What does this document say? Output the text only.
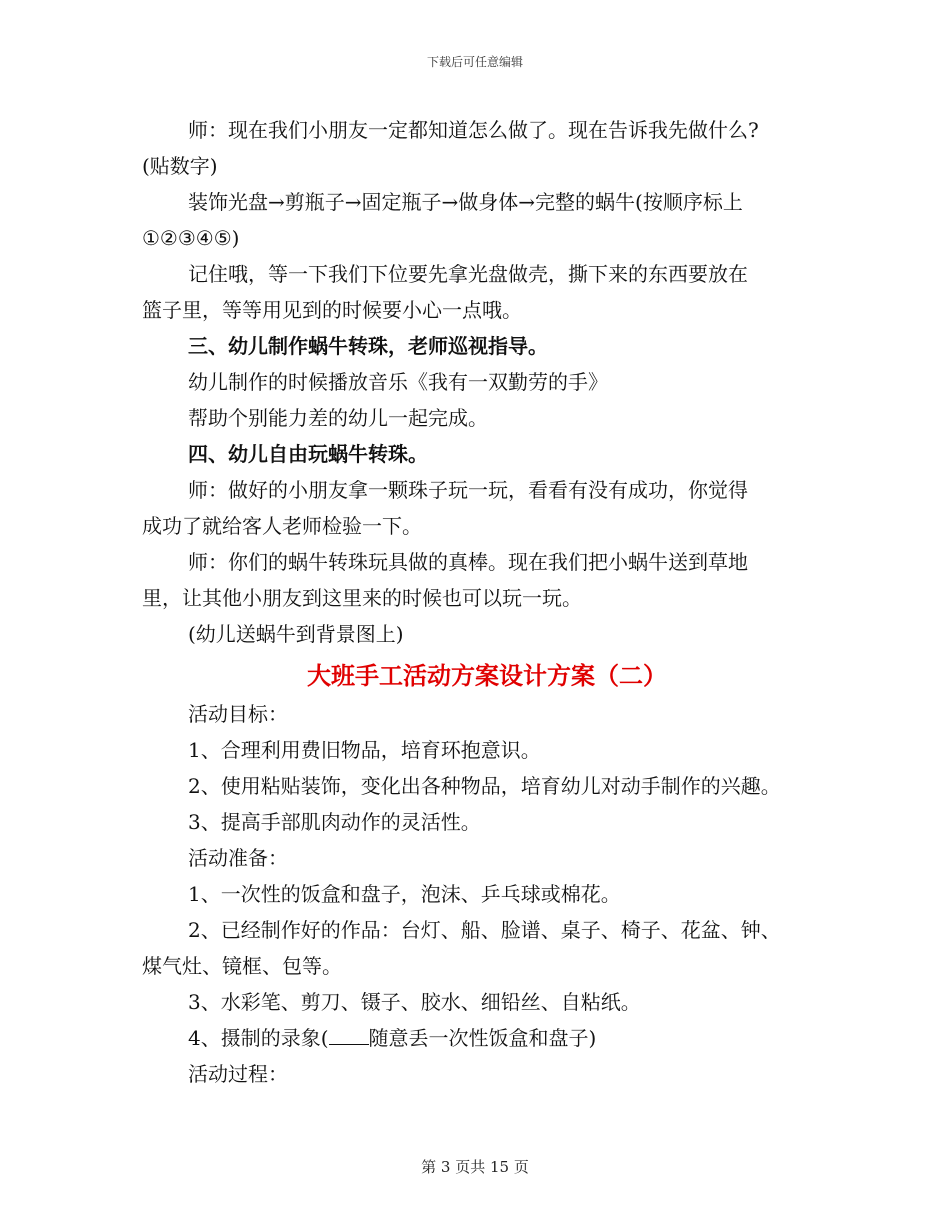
下载后可任意编辑

师：现在我们小朋友一定都知道怎么做了。现在告诉我先做什么?

(贴数字)

装饰光盘→剪瓶子→固定瓶子→做身体→完整的蜗牛(按顺序标上

①②③④⑤)

记住哦，等一下我们下位要先拿光盘做壳，撕下来的东西要放在

篮子里，等等用见到的时候要小心一点哦。

三、幼儿制作蜗牛转珠，老师巡视指导。

幼儿制作的时候播放音乐《我有一双勤劳的手》

帮助个别能力差的幼儿一起完成。

四、幼儿自由玩蜗牛转珠。

师：做好的小朋友拿一颗珠子玩一玩，看看有没有成功，你觉得

成功了就给客人老师检验一下。

师：你们的蜗牛转珠玩具做的真棒。现在我们把小蜗牛送到草地

里，让其他小朋友到这里来的时候也可以玩一玩。

(幼儿送蜗牛到背景图上)

大班手工活动方案设计方案（二）

活动目标：

1、合理利用费旧物品，培育环抱意识。

2、使用粘贴装饰，变化出各种物品，培育幼儿对动手制作的兴趣。

3、提高手部肌肉动作的灵活性。

活动准备：

1、一次性的饭盒和盘子，泡沫、乒乓球或棉花。

2、已经制作好的作品：台灯、船、脸谱、桌子、椅子、花盆、钟、

煤气灶、镜框、包等。

3、水彩笔、剪刀、镊子、胶水、细铅丝、自粘纸。

4、摄制的录象( 随意丢一次性饭盒和盘子)

活动过程：

第 3 页共 15 页
